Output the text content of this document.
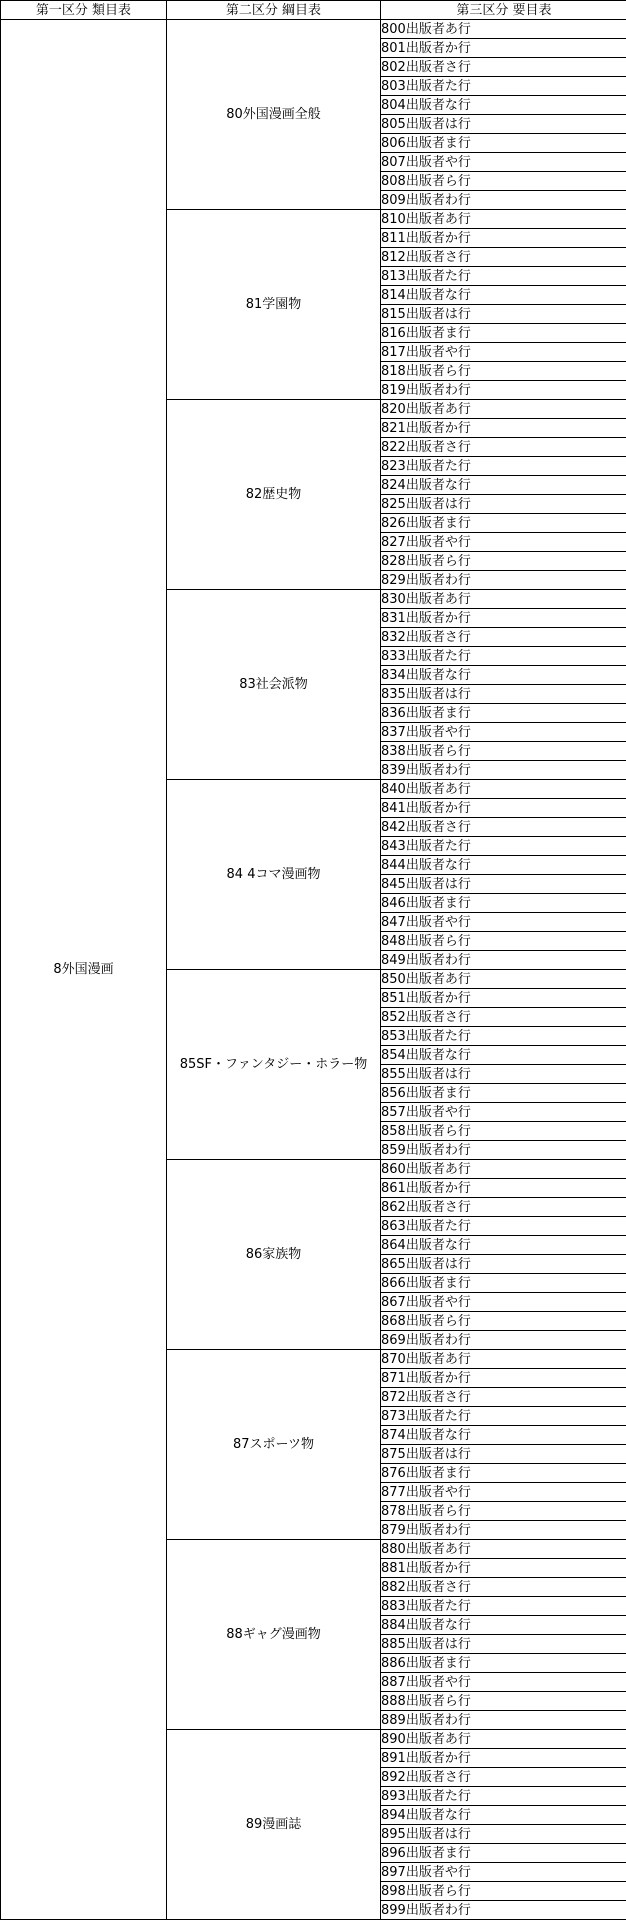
第一区分 類目表	第二区分 綱目表	第三区分 要目表
8外国漫画	80外国漫画全般	800出版者あ行
		801出版者か行
		802出版者さ行
		803出版者た行
		804出版者な行
		805出版者は行
		806出版者ま行
		807出版者や行
		808出版者ら行
		809出版者わ行
	81学園物	810出版者あ行
		811出版者か行
		812出版者さ行
		813出版者た行
		814出版者な行
		815出版者は行
		816出版者ま行
		817出版者や行
		818出版者ら行
		819出版者わ行
	82歴史物	820出版者あ行
		821出版者か行
		822出版者さ行
		823出版者た行
		824出版者な行
		825出版者は行
		826出版者ま行
		827出版者や行
		828出版者ら行
		829出版者わ行
	83社会派物	830出版者あ行
		831出版者か行
		832出版者さ行
		833出版者た行
		834出版者な行
		835出版者は行
		836出版者ま行
		837出版者や行
		838出版者ら行
		839出版者わ行
	84 4コマ漫画物	840出版者あ行
		841出版者か行
		842出版者さ行
		843出版者た行
		844出版者な行
		845出版者は行
		846出版者ま行
		847出版者や行
		848出版者ら行
		849出版者わ行
	85SF・ファンタジー・ホラー物	850出版者あ行
		851出版者か行
		852出版者さ行
		853出版者た行
		854出版者な行
		855出版者は行
		856出版者ま行
		857出版者や行
		858出版者ら行
		859出版者わ行
	86家族物	860出版者あ行
		861出版者か行
		862出版者さ行
		863出版者た行
		864出版者な行
		865出版者は行
		866出版者ま行
		867出版者や行
		868出版者ら行
		869出版者わ行
	87スポーツ物	870出版者あ行
		871出版者か行
		872出版者さ行
		873出版者た行
		874出版者な行
		875出版者は行
		876出版者ま行
		877出版者や行
		878出版者ら行
		879出版者わ行
	88ギャグ漫画物	880出版者あ行
		881出版者か行
		882出版者さ行
		883出版者た行
		884出版者な行
		885出版者は行
		886出版者ま行
		887出版者や行
		888出版者ら行
		889出版者わ行
	89漫画誌	890出版者あ行
		891出版者か行
		892出版者さ行
		893出版者た行
		894出版者な行
		895出版者は行
		896出版者ま行
		897出版者や行
		898出版者ら行
		899出版者わ行
